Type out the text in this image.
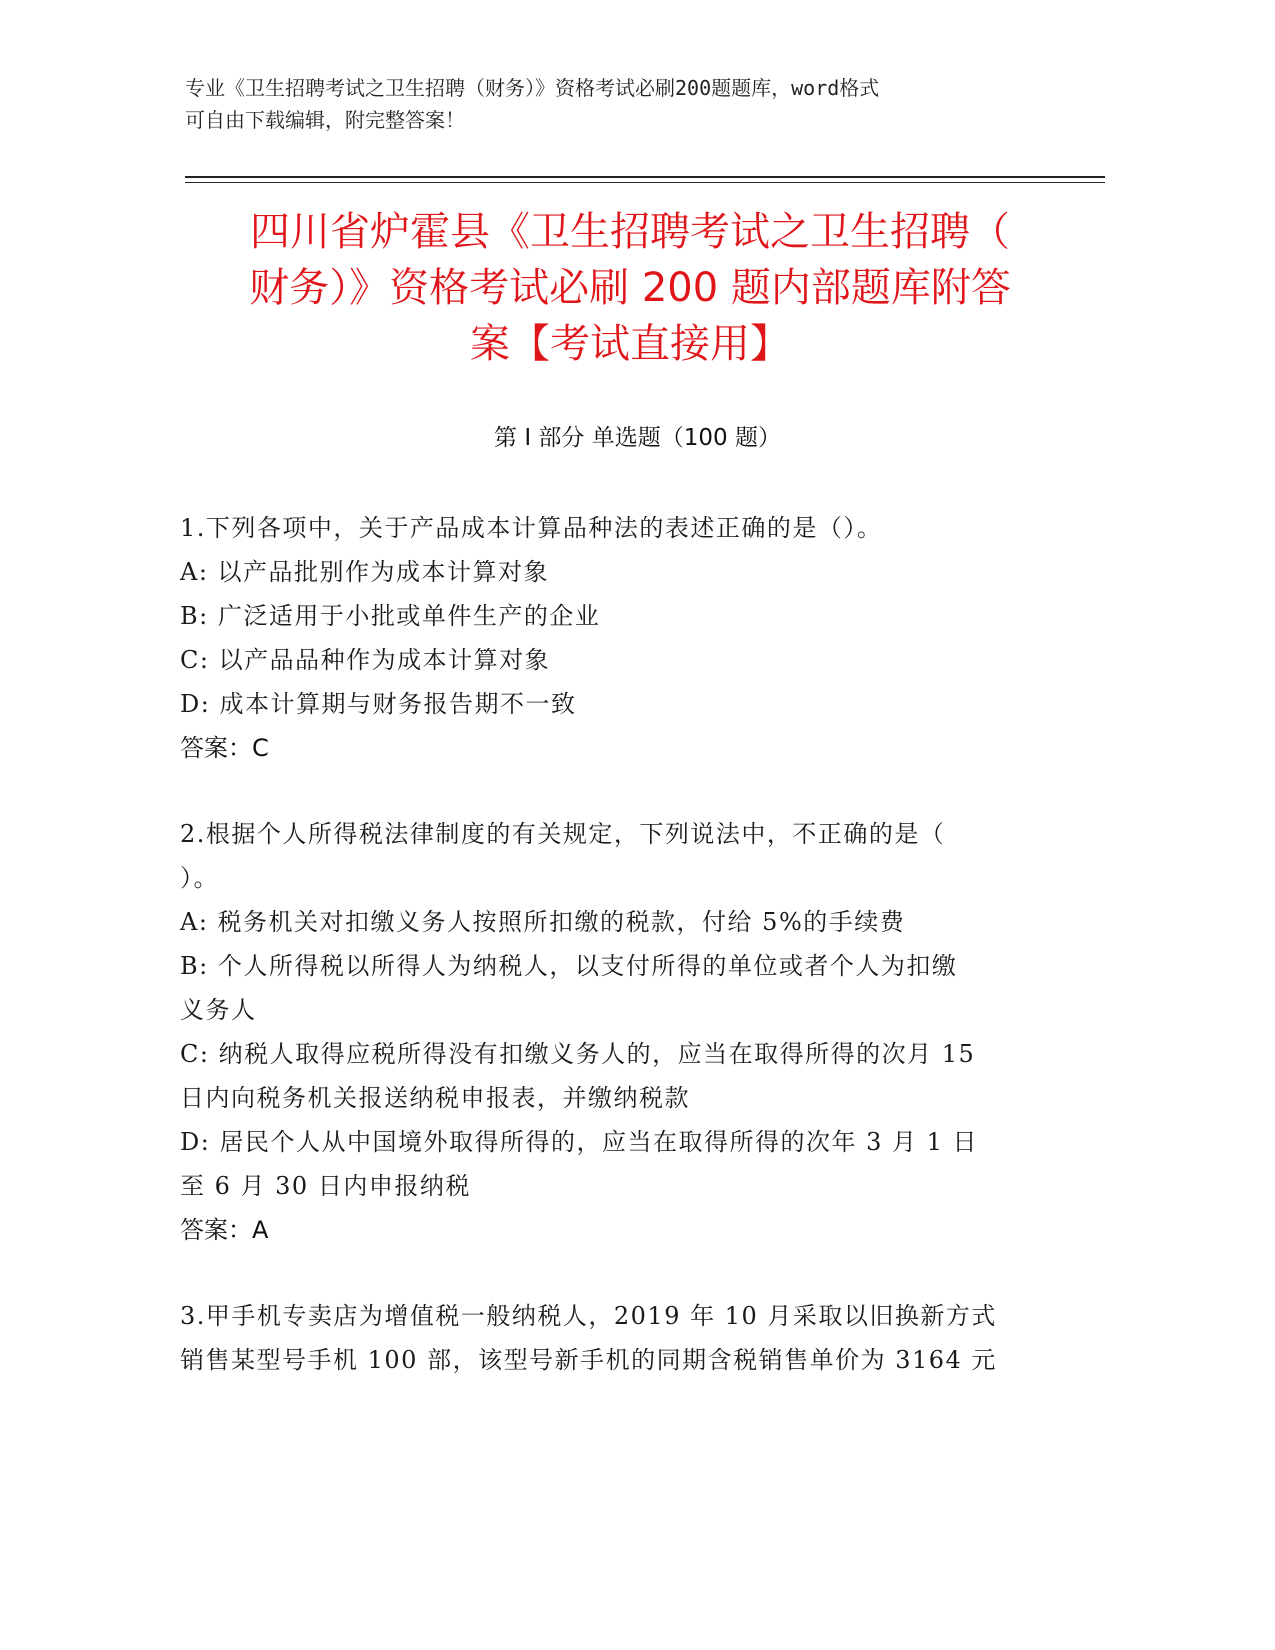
专业《卫生招聘考试之卫生招聘（财务）》资格考试必刷200题题库，word格式
可自由下载编辑，附完整答案！
四川省炉霍县《卫生招聘考试之卫生招聘（
财务）》资格考试必刷 200 题内部题库附答
案【考试直接用】
第 I 部分 单选题（100 题）
1.下列各项中，关于产品成本计算品种法的表述正确的是（）。
A: 以产品批别作为成本计算对象
B: 广泛适用于小批或单件生产的企业
C: 以产品品种作为成本计算对象
D: 成本计算期与财务报告期不一致
答案：C
2.根据个人所得税法律制度的有关规定，下列说法中，不正确的是（
）。
A: 税务机关对扣缴义务人按照所扣缴的税款，付给 5%的手续费
B: 个人所得税以所得人为纳税人，以支付所得的单位或者个人为扣缴
义务人
C: 纳税人取得应税所得没有扣缴义务人的，应当在取得所得的次月 15
日内向税务机关报送纳税申报表，并缴纳税款
D: 居民个人从中国境外取得所得的，应当在取得所得的次年 3 月 1 日
至 6 月 30 日内申报纳税
答案：A
3.甲手机专卖店为增值税一般纳税人，2019 年 10 月采取以旧换新方式
销售某型号手机 100 部，该型号新手机的同期含税销售单价为 3164 元
